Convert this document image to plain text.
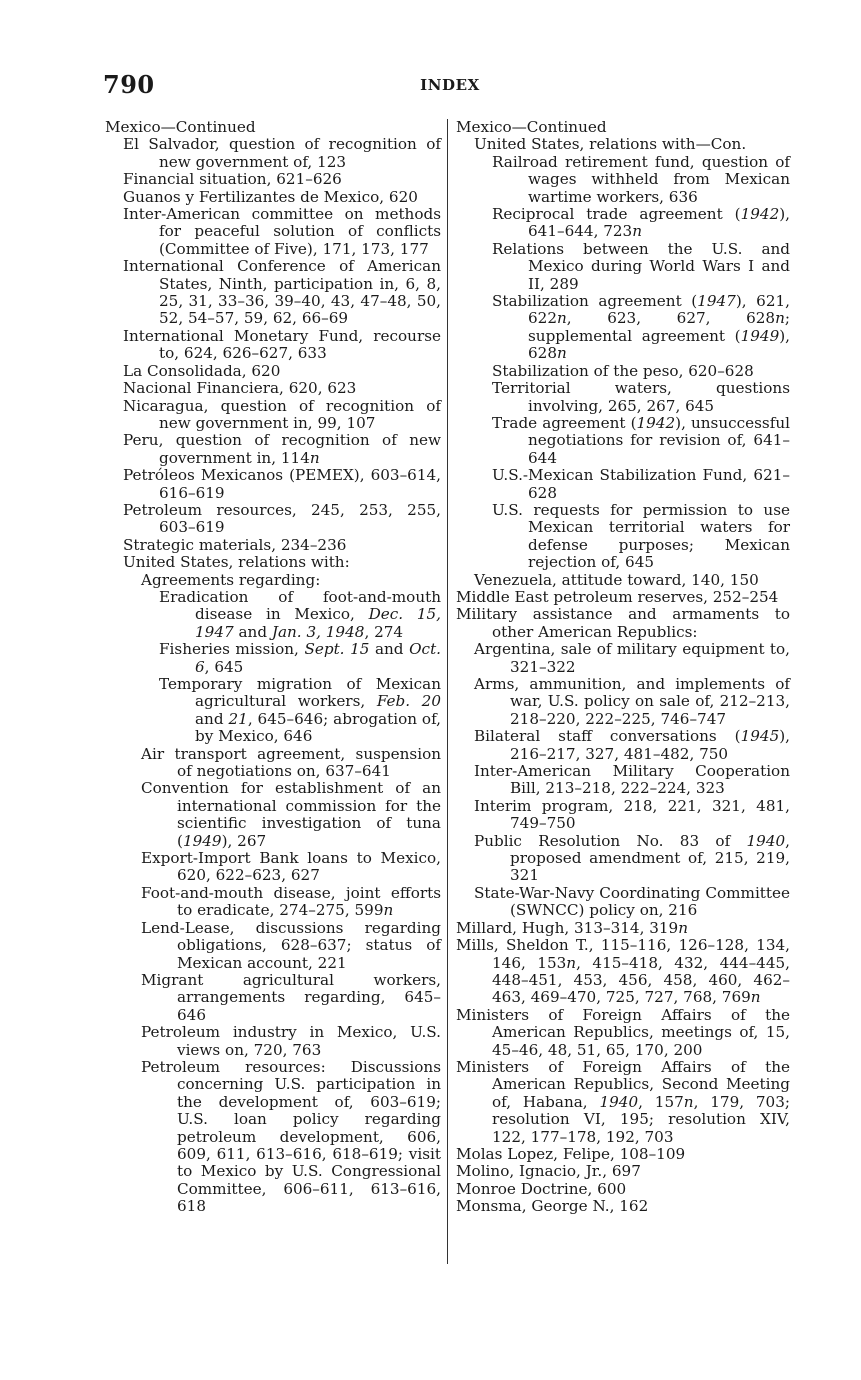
790	INDEX

Mexico—Continued

El Salvador, question of recognition of new government of, 123

Financial situation, 621–626

Guanos y Fertilizantes de Mexico, 620

Inter-American committee on methods for peaceful solution of conflicts (Committee of Five), 171, 173, 177

International Conference of American States, Ninth, participation in, 6, 8, 25, 31, 33–36, 39–40, 43, 47–48, 50, 52, 54–57, 59, 62, 66–69

International Monetary Fund, recourse to, 624, 626–627, 633

La Consolidada, 620

Nacional Financiera, 620, 623

Nicaragua, question of recognition of new government in, 99, 107

Peru, question of recognition of new government in, 114n

Petróleos Mexicanos (PEMEX), 603–614, 616–619

Petroleum resources, 245, 253, 255, 603–619

Strategic materials, 234–236

United States, relations with:

Agreements regarding:

Eradication of foot-and-mouth disease in Mexico, Dec. 15, 1947 and Jan. 3, 1948, 274

Fisheries mission, Sept. 15 and Oct. 6, 645

Temporary migration of Mexican agricultural workers, Feb. 20 and 21, 645–646; abrogation of, by Mexico, 646

Air transport agreement, suspension of negotiations on, 637–641

Convention for establishment of an international commission for the scientific investigation of tuna (1949), 267

Export-Import Bank loans to Mexico, 620, 622–623, 627

Foot-and-mouth disease, joint efforts to eradicate, 274–275, 599n

Lend-Lease, discussions regarding obligations, 628–637; status of Mexican account, 221

Migrant agricultural workers, arrangements regarding, 645–646

Petroleum industry in Mexico, U.S. views on, 720, 763

Petroleum resources: Discussions concerning U.S. participation in the development of, 603–619; U.S. loan policy regarding petroleum development, 606, 609, 611, 613–616, 618–619; visit to Mexico by U.S. Congressional Committee, 606–611, 613–616, 618

Mexico—Continued

United States, relations with—Con.

Railroad retirement fund, question of wages withheld from Mexican wartime workers, 636

Reciprocal trade agreement (1942), 641–644, 723n

Relations between the U.S. and Mexico during World Wars I and II, 289

Stabilization agreement (1947), 621, 622n, 623, 627, 628n; supplemental agreement (1949), 628n

Stabilization of the peso, 620–628

Territorial waters, questions involving, 265, 267, 645

Trade agreement (1942), unsuccessful negotiations for revision of, 641–644

U.S.-Mexican Stabilization Fund, 621–628

U.S. requests for permission to use Mexican territorial waters for defense purposes; Mexican rejection of, 645

Venezuela, attitude toward, 140, 150

Middle East petroleum reserves, 252–254

Military assistance and armaments to other American Republics:

Argentina, sale of military equipment to, 321–322

Arms, ammunition, and implements of war, U.S. policy on sale of, 212–213, 218–220, 222–225, 746–747

Bilateral staff conversations (1945), 216–217, 327, 481–482, 750

Inter-American Military Cooperation Bill, 213–218, 222–224, 323

Interim program, 218, 221, 321, 481, 749–750

Public Resolution No. 83 of 1940, proposed amendment of, 215, 219, 321

State-War-Navy Coordinating Committee (SWNCC) policy on, 216

Millard, Hugh, 313–314, 319n

Mills, Sheldon T., 115–116, 126–128, 134, 146, 153n, 415–418, 432, 444–445, 448–451, 453, 456, 458, 460, 462–463, 469–470, 725, 727, 768, 769n

Ministers of Foreign Affairs of the American Republics, meetings of, 15, 45–46, 48, 51, 65, 170, 200

Ministers of Foreign Affairs of the American Republics, Second Meeting of, Habana, 1940, 157n, 179, 703; resolution VI, 195; resolution XIV, 122, 177–178, 192, 703

Molas Lopez, Felipe, 108–109

Molino, Ignacio, Jr., 697

Monroe Doctrine, 600

Monsma, George N., 162
